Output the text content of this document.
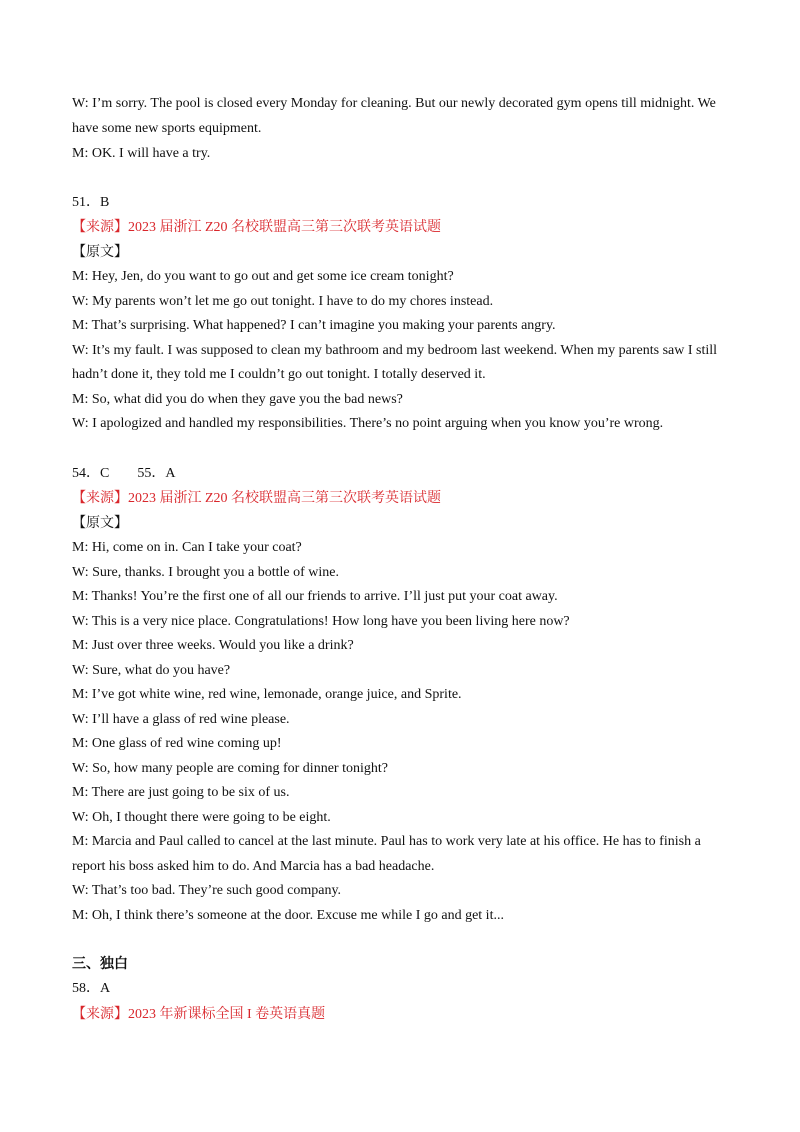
W: I’m sorry. The pool is closed every Monday for cleaning. But our newly decorated gym opens till midnight. We
have some new sports equipment.
M: OK. I will have a try.
51．B
【来源】2023 届浙江 Z20 名校联盟高三第三次联考英语试题
【原文】
M: Hey, Jen, do you want to go out and get some ice cream tonight?
W: My parents won’t let me go out tonight. I have to do my chores instead.
M: That’s surprising. What happened? I can’t imagine you making your parents angry.
W: It’s my fault. I was supposed to clean my bathroom and my bedroom last weekend. When my parents saw I still
hadn’t done it, they told me I couldn’t go out tonight. I totally deserved it.
M: So, what did you do when they gave you the bad news?
W: I apologized and handled my responsibilities. There’s no point arguing when you know you’re wrong.
54．C　　55．A
【来源】2023 届浙江 Z20 名校联盟高三第三次联考英语试题
【原文】
M: Hi, come on in. Can I take your coat?
W: Sure, thanks. I brought you a bottle of wine.
M: Thanks! You’re the first one of all our friends to arrive. I’ll just put your coat away.
W: This is a very nice place. Congratulations! How long have you been living here now?
M: Just over three weeks. Would you like a drink?
W: Sure, what do you have?
M: I’ve got white wine, red wine, lemonade, orange juice, and Sprite.
W: I’ll have a glass of red wine please.
M: One glass of red wine coming up!
W: So, how many people are coming for dinner tonight?
M: There are just going to be six of us.
W: Oh, I thought there were going to be eight.
M: Marcia and Paul called to cancel at the last minute. Paul has to work very late at his office. He has to finish a
report his boss asked him to do. And Marcia has a bad headache.
W: That’s too bad. They’re such good company.
M: Oh, I think there’s someone at the door. Excuse me while I go and get it...
三、独白
58．A
【来源】2023 年新课标全国 I 卷英语真题
